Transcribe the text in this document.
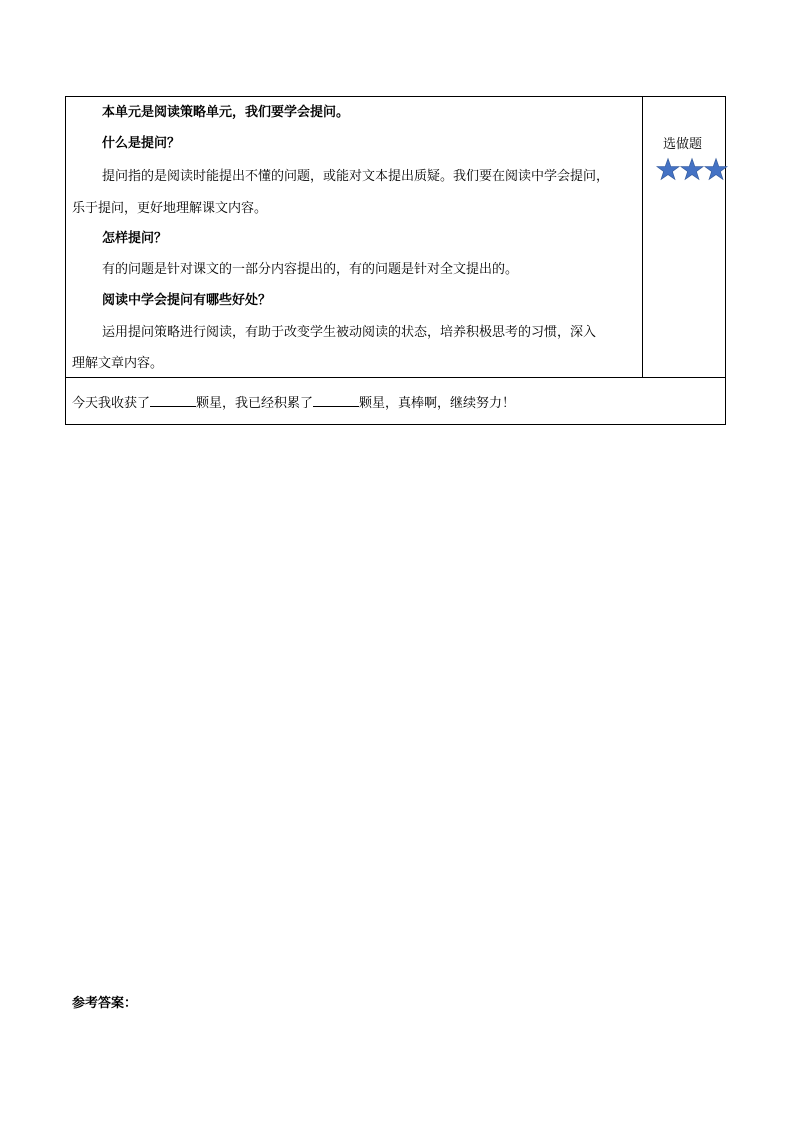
本单元是阅读策略单元，我们要学会提问。
什么是提问？
提问指的是阅读时能提出不懂的问题，或能对文本提出质疑。我们要在阅读中学会提问，
乐于提问，更好地理解课文内容。
怎样提问？
有的问题是针对课文的一部分内容提出的，有的问题是针对全文提出的。
阅读中学会提问有哪些好处？
运用提问策略进行阅读，有助于改变学生被动阅读的状态，培养积极思考的习惯，深入
理解文章内容。
选做题
今天我收获了	颗星，我已经积累了	颗星，真棒啊，继续努力！
参考答案：
